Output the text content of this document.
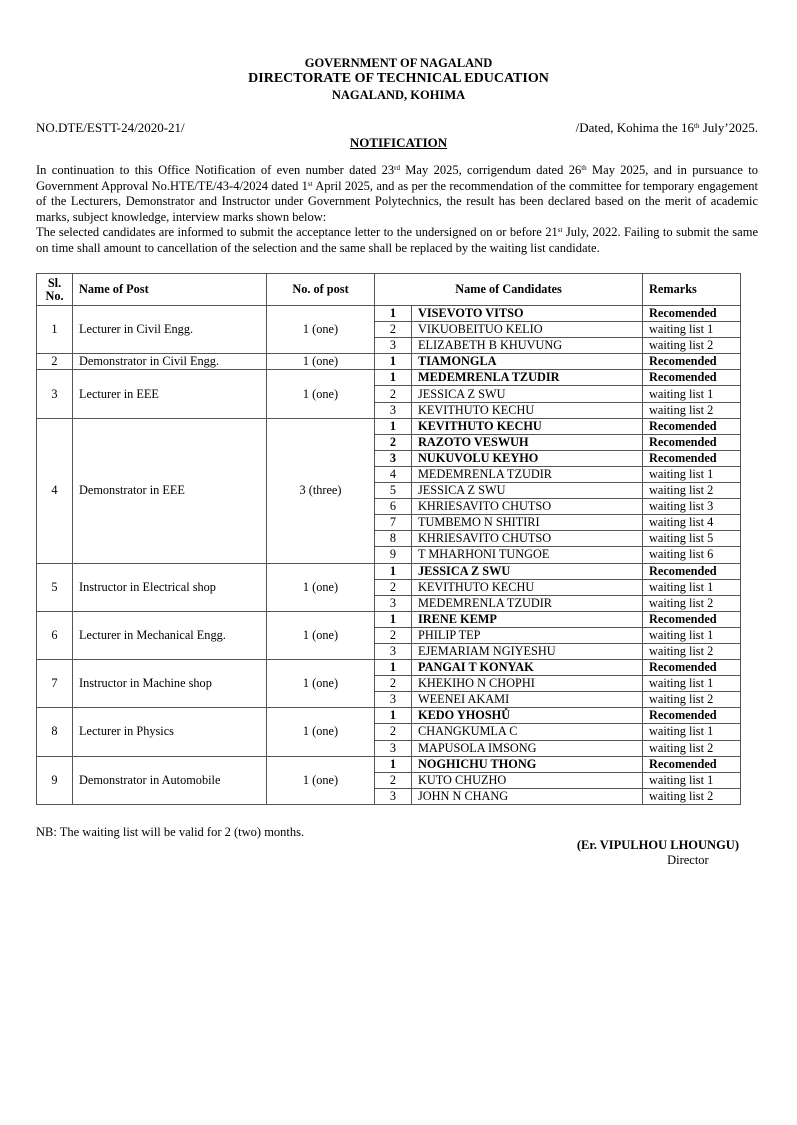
GOVERNMENT OF NAGALAND
DIRECTORATE OF TECHNICAL EDUCATION
NAGALAND, KOHIMA
NO.DTE/ESTT-24/2020-21/	/Dated, Kohima the 16th July’2025.
NOTIFICATION

In continuation to this Office Notification of even number dated 23rd May 2025, corrigendum dated 26th May 2025, and in pursuance to Government Approval No.HTE/TE/43-4/2024 dated 1st April 2025, and as per the recommendation of the committee for temporary engagement of the Lecturers, Demonstrator and Instructor under Government Polytechnics, the result has been declared based on the merit of academic marks, subject knowledge, interview marks shown below:

The selected candidates are informed to submit the acceptance letter to the undersigned on or before 21st July, 2022. Failing to submit the same on time shall amount to cancellation of the selection and the same shall be replaced by the waiting list candidate.

Sl. No.	Name of Post	No. of post	Name of Candidates		Remarks
1	Lecturer in Civil Engg.	1 (one)	1	VISEVOTO VITSO	Recomended
			2	VIKUOBEITUO KELIO	waiting list 1
			3	ELIZABETH B KHUVUNG	waiting list 2
2	Demonstrator in Civil Engg.	1 (one)	1	TIAMONGLA	Recomended
3	Lecturer in EEE	1 (one)	1	MEDEMRENLA TZUDIR	Recomended
			2	JESSICA Z SWU	waiting list 1
			3	KEVITHUTO KECHU	waiting list 2
4	Demonstrator in EEE	3 (three)	1	KEVITHUTO KECHU	Recomended
			2	RAZOTO VESWUH	Recomended
			3	NUKUVOLU KEYHO	Recomended
			4	MEDEMRENLA TZUDIR	waiting list 1
			5	JESSICA Z SWU	waiting list 2
			6	KHRIESAVITO CHUTSO	waiting list 3
			7	TUMBEMO N SHITIRI	waiting list 4
			8	KHRIESAVITO CHUTSO	waiting list 5
			9	T MHARHONI TUNGOE	waiting list 6
5	Instructor in Electrical shop	1 (one)	1	JESSICA Z SWU	Recomended
			2	KEVITHUTO KECHU	waiting list 1
			3	MEDEMRENLA TZUDIR	waiting list 2
6	Lecturer in Mechanical Engg.	1 (one)	1	IRENE KEMP	Recomended
			2	PHILIP TEP	waiting list 1
			3	EJEMARIAM NGIYESHU	waiting list 2
7	Instructor in Machine shop	1 (one)	1	PANGAI T KONYAK	Recomended
			2	KHEKIHO N CHOPHI	waiting list 1
			3	WEENEI AKAMI	waiting list 2
8	Lecturer in Physics	1 (one)	1	KEDO YHOSHŮ	Recomended
			2	CHANGKUMLA C	waiting list 1
			3	MAPUSOLA IMSONG	waiting list 2
9	Demonstrator in Automobile	1 (one)	1	NOGHICHU THONG	Recomended
			2	KUTO CHUZHO	waiting list 1
			3	JOHN N CHANG	waiting list 2
NB: The waiting list will be valid for 2 (two) months.
(Er. VIPULHOU LHOUNGU)
Director
